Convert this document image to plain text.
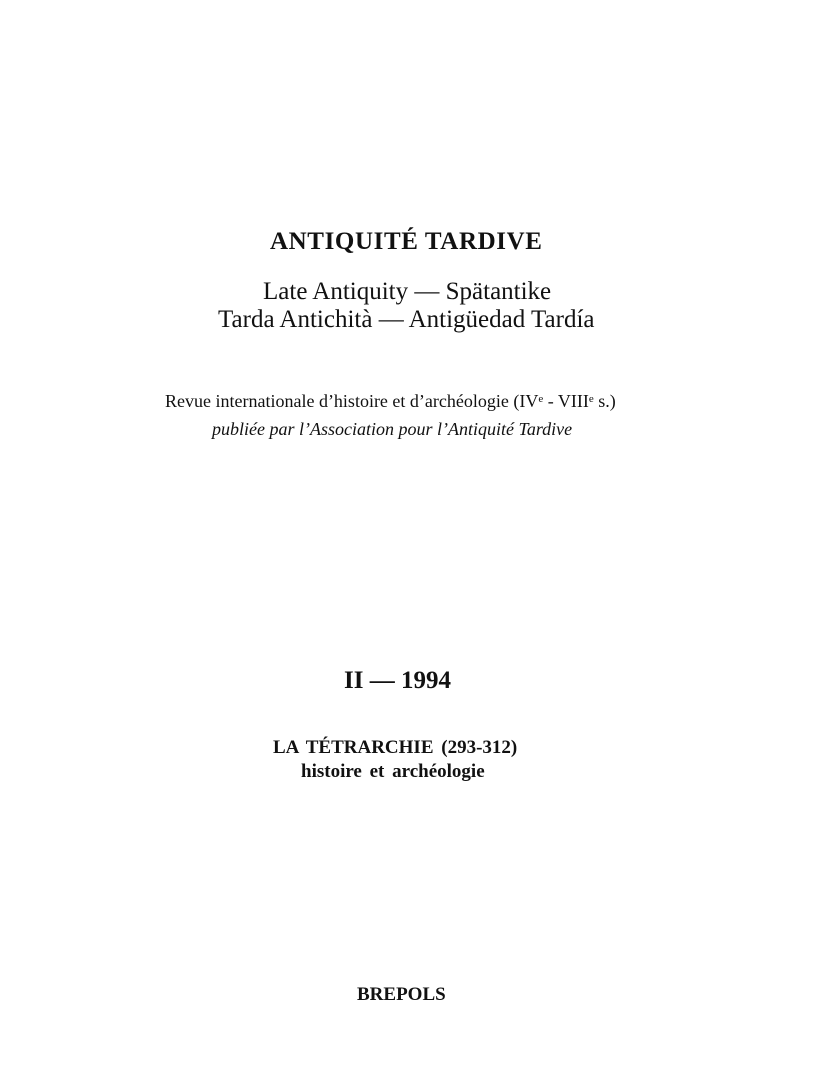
ANTIQUITÉ TARDIVE
Late Antiquity — Spätantike
Tarda Antichità — Antigüedad Tardía
Revue internationale d’histoire et d’archéologie (IVe - VIIIe s.)
publiée par l’Association pour l’Antiquité Tardive
II — 1994
LA TÉTRARCHIE (293-312)
histoire et archéologie
BREPOLS
